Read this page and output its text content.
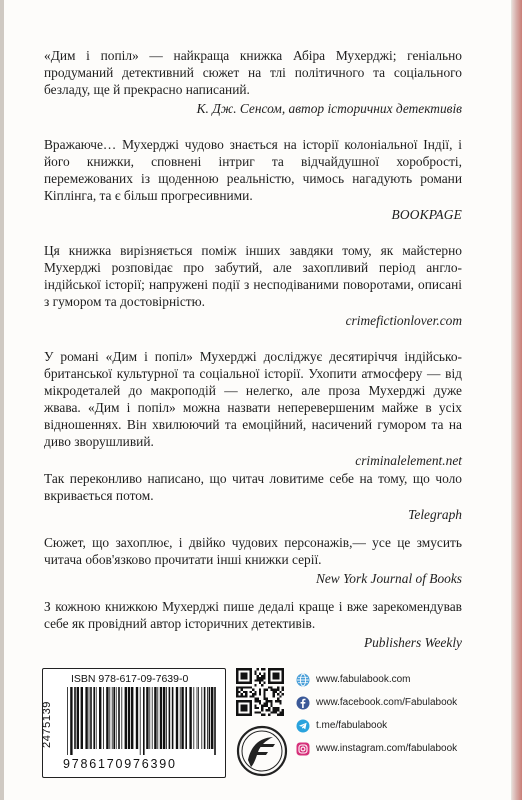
«Дим і попіл» — найкраща книжка Абіра Мухерджі; геніально продуманий детективний сюжет на тлі політичного та соціального безладу, ще й прекрасно написаний.

К. Дж. Сенсом, автор історичних детективів

Вражаюче… Мухерджі чудово знається на історії колоніальної Індії, і його книжки, сповнені інтриг та відчайдушної хоробрості, перемежованих із щоденною реальністю, чимось нагадують романи Кіплінга, та є більш прогресивними.

BOOKPAGE

Ця книжка вирізняється поміж інших завдяки тому, як майстерно Мухерджі розповідає про забутий, але захопливий період англо-індійської історії; напружені події з несподіваними поворотами, описані з гумором та достовірністю.

crimefictionlover.com

У романі «Дим і попіл» Мухерджі досліджує десятиріччя індійсько-британської культурної та соціальної історії. Ухопити атмосферу — від мікродеталей до макроподій — нелегко, але проза Мухерджі дуже жвава. «Дим і попіл» можна назвати неперевершеним майже в усіх відношеннях. Він хвилюючий та емоційний, насичений гумором та на диво зворушливий.

criminalelement.net

Так переконливо написано, що читач ловитиме себе на тому, що чоло вкривається потом.

Telegraph

Сюжет, що захоплює, і двійко чудових персонажів,— усе це змусить читача обов'язково прочитати інші книжки серії.

New York Journal of Books

З кожною книжкою Мухерджі пише дедалі краще і вже зарекомендував себе як провідний автор історичних детективів.

Publishers Weekly
ISBN 978-617-09-7639-0
2475139
9786170976390
www.fabulabook.com
www.facebook.com/Fabulabook
t.me/fabulabook
www.instagram.com/fabulabook
